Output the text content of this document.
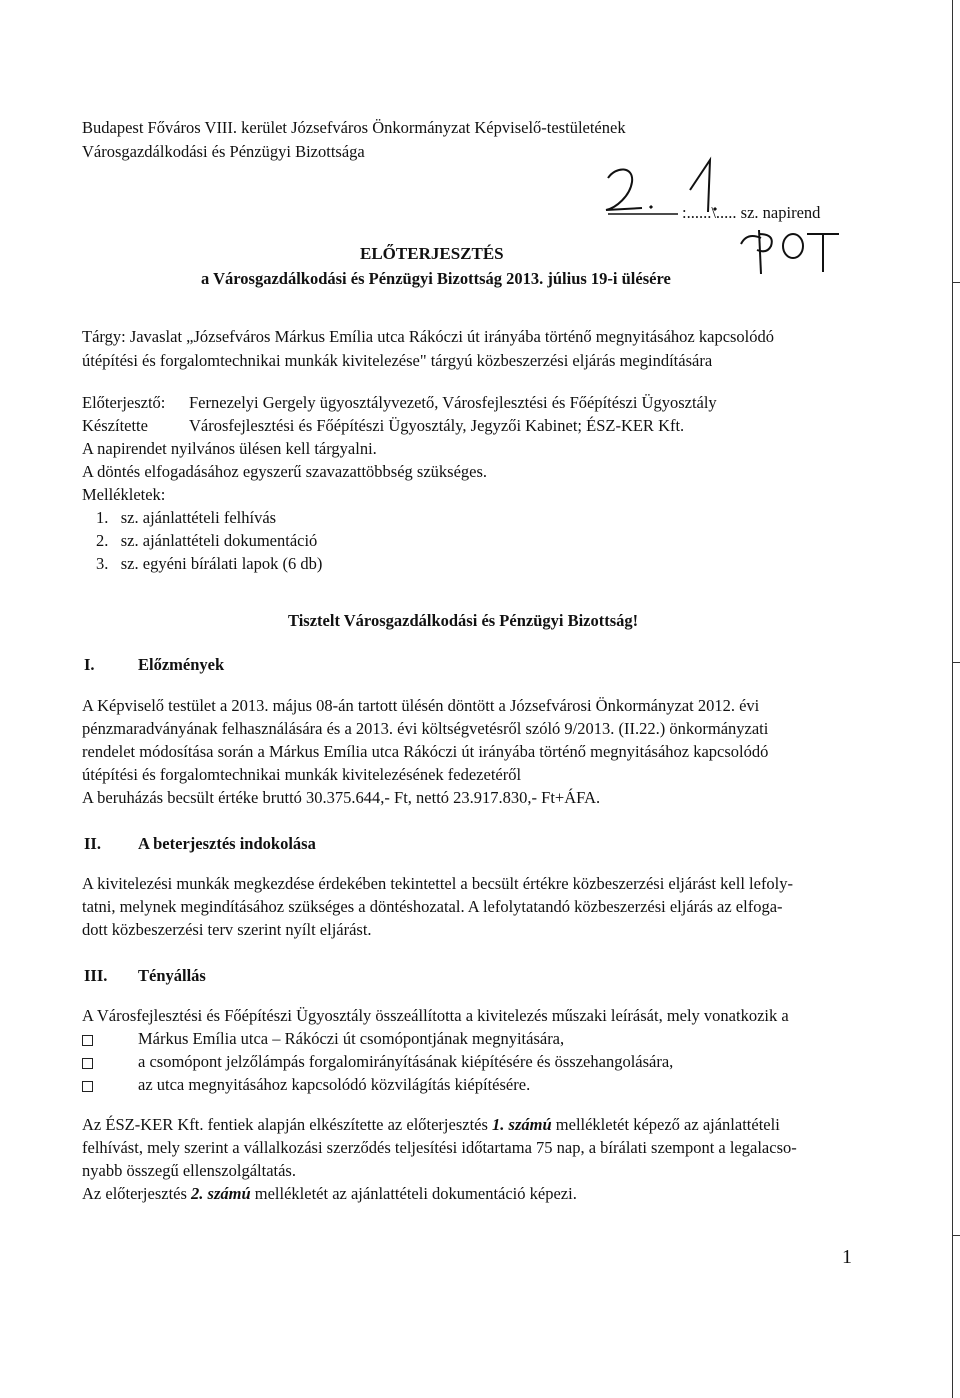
Budapest Főváros VIII. kerület Józsefváros Önkormányzat Képviselő-testületének
Városgazdálkodási és Pénzügyi Bizottsága
:......\..... sz. napirend
ELŐTERJESZTÉS
a Városgazdálkodási és Pénzügyi Bizottság 2013. július 19-i ülésére
Tárgy: Javaslat „Józsefváros Márkus Emília utca Rákóczi út irányába történő megnyitásához kapcsolódó
útépítési és forgalomtechnikai munkák kivitelezése" tárgyú közbeszerzési eljárás megindítására
Előterjesztő: Fernezelyi Gergely ügyosztályvezető, Városfejlesztési és Főépítészi Ügyosztály
Készítette Városfejlesztési és Főépítészi Ügyosztály, Jegyzői Kabinet; ÉSZ-KER Kft.
A napirendet nyilvános ülésen kell tárgyalni.
A döntés elfogadásához egyszerű szavazattöbbség szükséges.
Mellékletek:
1.   sz. ajánlattételi felhívás
2.   sz. ajánlattételi dokumentáció
3.   sz. egyéni bírálati lapok (6 db)
Tisztelt Városgazdálkodási és Pénzügyi Bizottság!
I.	Előzmények
A Képviselő testület a 2013. május 08-án tartott ülésén döntött a Józsefvárosi Önkormányzat 2012. évi
pénzmaradványának felhasználására és a 2013. évi költségvetésről szóló 9/2013. (II.22.) önkormányzati
rendelet módosítása során a Márkus Emília utca Rákóczi út irányába történő megnyitásához kapcsolódó
útépítési és forgalomtechnikai munkák kivitelezésének fedezetéről
A beruházás becsült értéke bruttó 30.375.644,- Ft, nettó 23.917.830,- Ft+ÁFA.
II. A beterjesztés indokolása
A kivitelezési munkák megkezdése érdekében tekintettel a becsült értékre közbeszerzési eljárást kell lefoly-
tatni, melynek megindításához szükséges a döntéshozatal. A lefolytatandó közbeszerzési eljárás az elfoga-
dott közbeszerzési terv szerint nyílt eljárást.
III. Tényállás
A Városfejlesztési és Főépítészi Ügyosztály összeállította a kivitelezés műszaki leírását, mely vonatkozik a
Márkus Emília utca – Rákóczi út csomópontjának megnyitására,
a csomópont jelzőlámpás forgalomirányításának kiépítésére és összehangolására,
az utca megnyitásához kapcsolódó közvilágítás kiépítésére.
Az ÉSZ-KER Kft. fentiek alapján elkészítette az előterjesztés 1. számú mellékletét képező az ajánlattételi
felhívást, mely szerint a vállalkozási szerződés teljesítési időtartama 75 nap, a bírálati szempont a legalacso-
nyabb összegű ellenszolgáltatás.
Az előterjesztés 2. számú mellékletét az ajánlattételi dokumentáció képezi.
1
